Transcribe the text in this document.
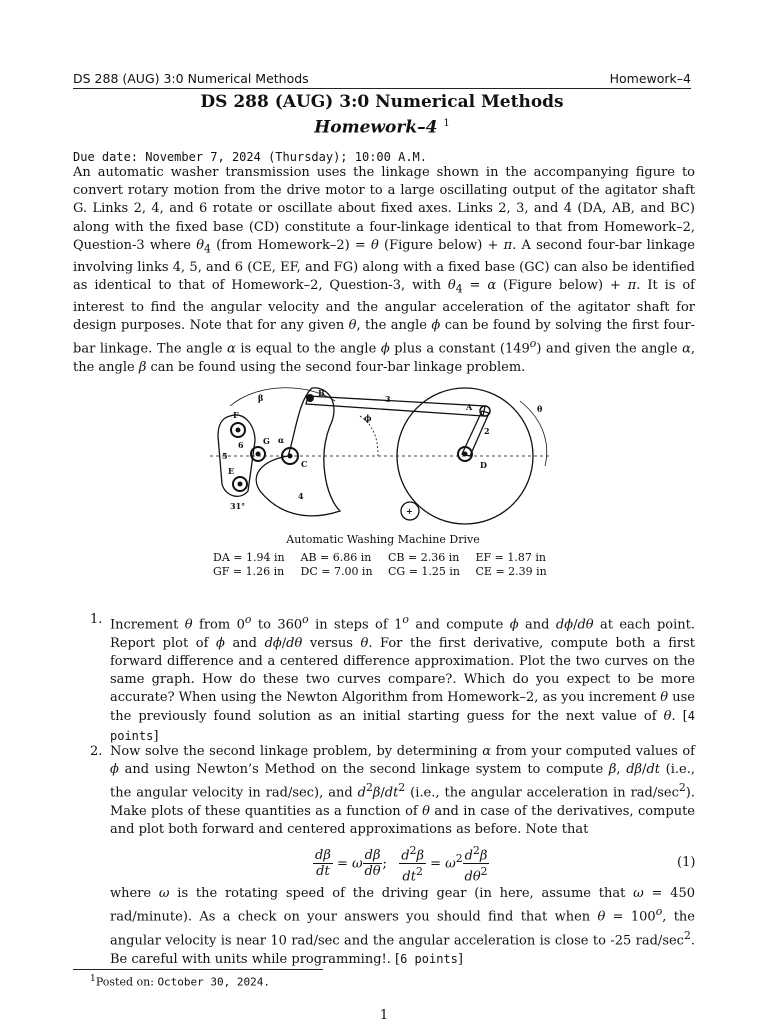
DS 288 (AUG) 3:0 Numerical Methods	Homework–4
DS 288 (AUG) 3:0 Numerical Methods
Homework–4 $^1$
Due date: November 7, 2024 (Thursday); 10:00 A.M.
An automatic washer transmission uses the linkage shown in the accompanying figure to convert rotary motion from the drive motor to a large oscillating output of the agitator shaft G. Links 2, 4, and 6 rotate or oscillate about fixed axes. Links 2, 3, and 4 (DA, AB, and BC) along with the fixed base (CD) constitute a four-linkage identical to that from Homework–2, Question-3 where $\theta_4$ (from Homework–2) = θ (Figure below) + π. A second four-bar linkage involving links 4, 5, and 6 (CE, EF, and FG) along with a fixed base (GC) can also be identified as identical to that of Homework–2, Question-3, with $\theta_4 = \alpha$ (Figure below) + π. It is of interest to find the angular velocity and the angular acceleration of the agitator shaft for design purposes. Note that for any given θ, the angle ϕ can be found by solving the first four-bar linkage. The angle α is equal to the angle ϕ plus a constant (149$^o$) and given the angle α, the angle β can be found using the second four-bar linkage problem.
β
F
G
6	α
5
E
C
31°
4
B
3
ϕ
A
2
θ
D
+
Automatic Washing Machine Drive
DA = 1.94 in	AB = 6.86 in	CB = 2.36 in	EF = 1.87 in
GF = 1.26 in	DC = 7.00 in	CG = 1.25 in	CE = 2.39 in
1. Increment θ from 0$^o$ to 360$^o$ in steps of 1$^o$ and compute ϕ and dϕ/dθ at each point. Report plot of ϕ and dϕ/dθ versus θ. For the first derivative, compute both a first forward difference and a centered difference approximation. Plot the two curves on the same graph. How do these two curves compare?. Which do you expect to be more accurate? When using the Newton Algorithm from Homework–2, as you increment θ use the previously found solution as an initial starting guess for the next value of θ. [4 points]
2. Now solve the second linkage problem, by determining α from your computed values of ϕ and using Newton’s Method on the second linkage system to compute β, dβ/dt (i.e., the angular velocity in rad/sec), and $d^2\beta/dt^2$ (i.e., the angular acceleration in rad/$\sec^2$). Make plots of these quantities as a function of θ and in case of the derivatives, compute and plot both forward and centered approximations as before. Note that
$\frac{d\beta}{dt} = \omega \frac{d\beta}{d\theta}$ ; $\frac{d^2\beta}{dt^2} = \omega^2 \frac{d^2\beta}{d\theta^2}$	(1)
where ω is the rotating speed of the driving gear (in here, assume that ω = 450 rad/minute). As a check on your answers you should find that when $\theta = 100^o$, the angular velocity is near 10 rad/sec and the angular acceleration is close to -25 rad/$\sec^2$. Be careful with units while programming!. [6 points]
$^1$Posted on: October 30, 2024.
1
